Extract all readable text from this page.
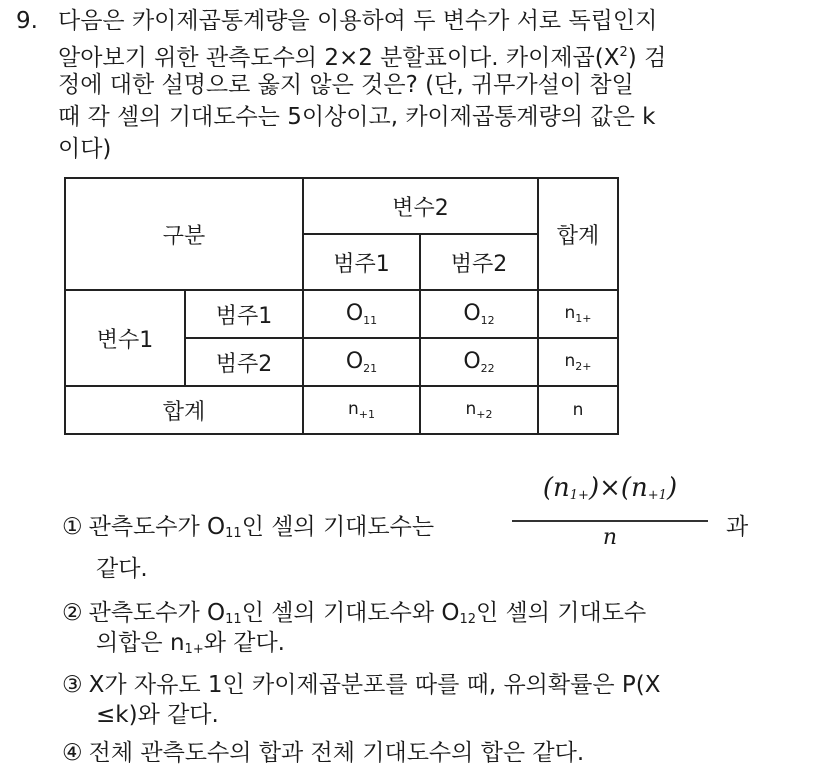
9. 다음은 카이제곱통계량을 이용하여 두 변수가 서로 독립인지
알아보기 위한 관측도수의 2×2 분할표이다. 카이제곱$(X^2)$ 검
정에 대한 설명으로 옳지 않은 것은? (단, 귀무가설이 참일
때 각 셀의 기대도수는 5이상이고, 카이제곱통계량의 값은 k
이다)
구분		변수2		합계
		범주1	범주2	
변수1	범주1	O11	O12	$n_{1+}$
	범주2	O21	O22	$n_{2+}$
합계		$n_{+1}$	$n_{+2}$	n
$(n_{1+})\times(n_{+1})$
n
① 관측도수가 $O_{11}$인 셀의 기대도수는	과
같다.
② 관측도수가 $O_{11}$인 셀의 기대도수와 $O_{12}$인 셀의 기대도수
의합은 $n_{1+}$와 같다.
③ X가 자유도 1인 카이제곱분포를 따를 때, 유의확률은 P(X
≤k)와 같다.
④ 전체 관측도수의 합과 전체 기대도수의 합은 같다.
